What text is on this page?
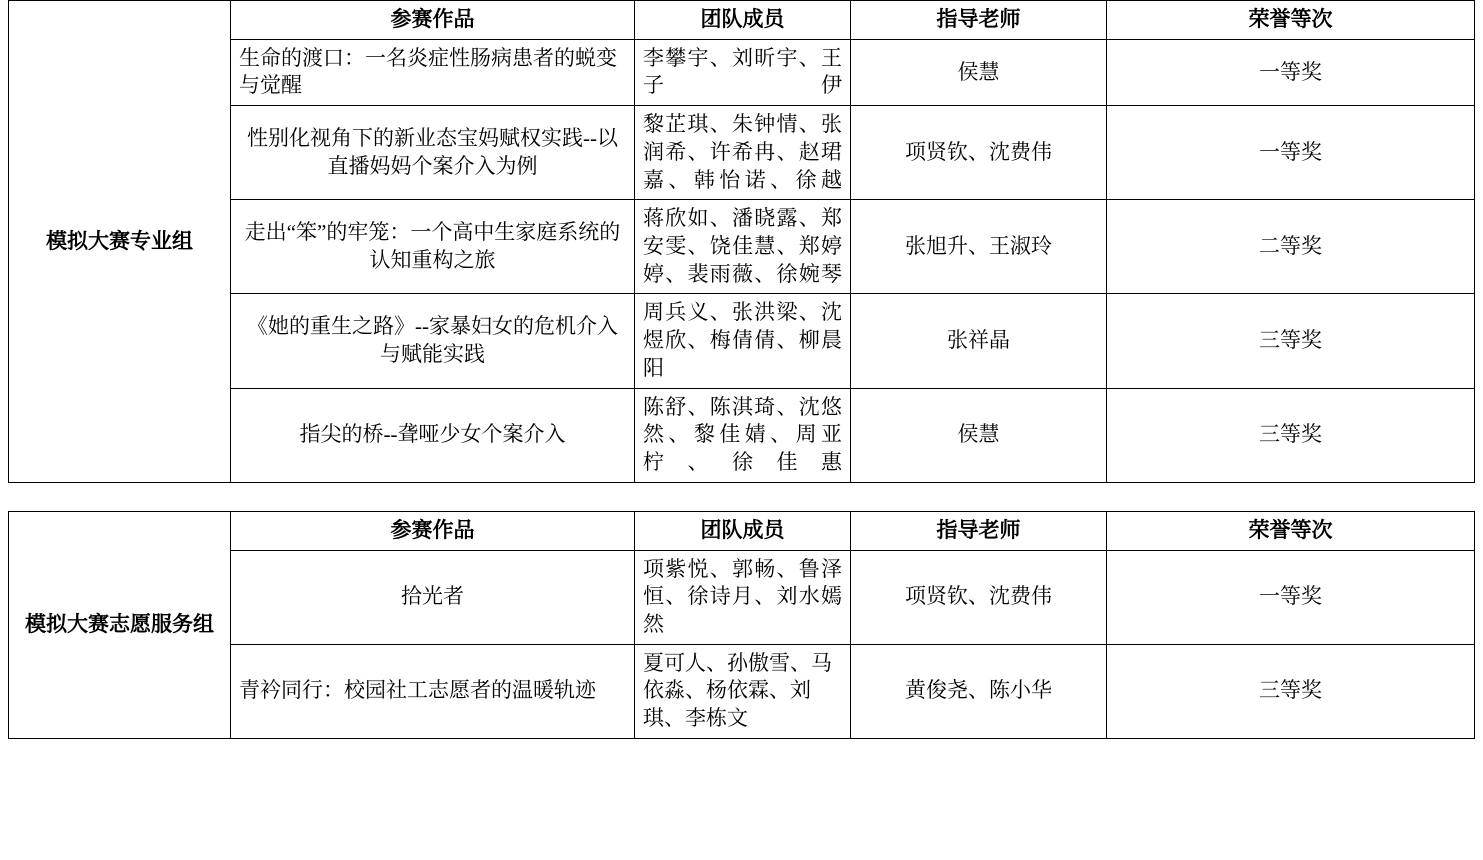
模拟大赛专业组	参赛作品	团队成员	指导老师	荣誉等次
	生命的渡口：一名炎症性肠病患者的蜕变与觉醒	李攀宇、刘昕宇、王子伊	侯慧	一等奖
	性别化视角下的新业态宝妈赋权实践--以直播妈妈个案介入为例	黎芷琪、朱钟情、张润希、许希冉、赵珺嘉、韩怡诺、徐越	项贤钦、沈费伟	一等奖
	走出“笨”的牢笼：一个高中生家庭系统的认知重构之旅	蒋欣如、潘晓露、郑安雯、饶佳慧、郑婷婷、裴雨薇、徐婉琴	张旭升、王淑玲	二等奖
	《她的重生之路》--家暴妇女的危机介入与赋能实践	周兵义、张洪梁、沈煜欣、梅倩倩、柳晨阳	张祥晶	三等奖
	指尖的桥--聋哑少女个案介入	陈舒、陈淇琦、沈悠然、黎佳婧、周亚柠、徐佳惠	侯慧	三等奖
模拟大赛志愿服务组	参赛作品	团队成员	指导老师	荣誉等次
	拾光者	项紫悦、郭畅、鲁泽恒、徐诗月、刘水嫣然	项贤钦、沈费伟	一等奖
	青衿同行：校园社工志愿者的温暖轨迹	夏可人、孙傲雪、马依淼、杨依霖、刘琪、李栋文	黄俊尧、陈小华	三等奖
